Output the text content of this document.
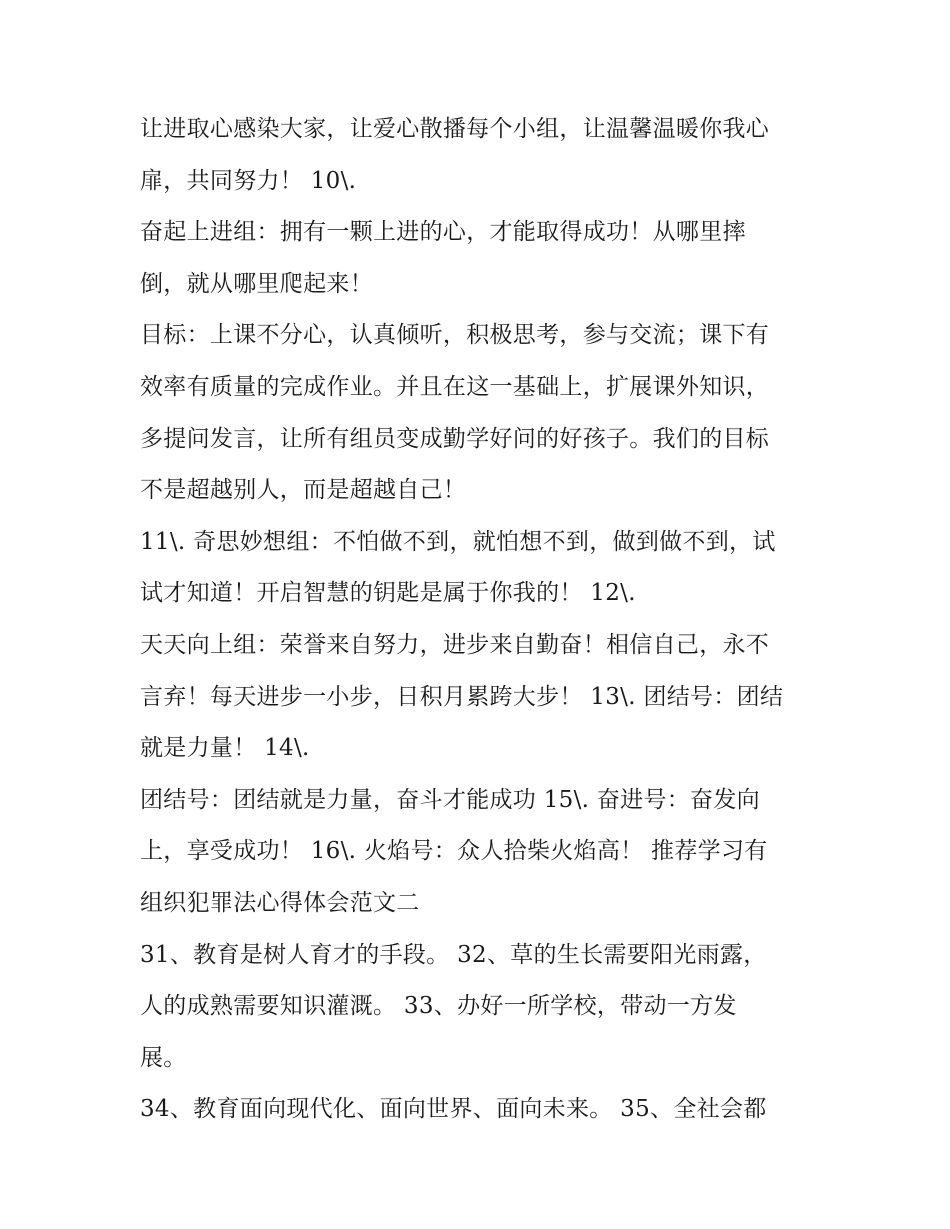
让进取心感染大家，让爱心散播每个小组，让温馨温暖你我心
扉，共同努力！ 10\.
奋起上进组：拥有一颗上进的心，才能取得成功！从哪里摔
倒，就从哪里爬起来！
目标：上课不分心，认真倾听，积极思考，参与交流；课下有
效率有质量的完成作业。并且在这一基础上，扩展课外知识，
多提问发言，让所有组员变成勤学好问的好孩子。我们的目标
不是超越别人，而是超越自己！
11\. 奇思妙想组：不怕做不到，就怕想不到，做到做不到，试
试才知道！开启智慧的钥匙是属于你我的！ 12\.
天天向上组：荣誉来自努力，进步来自勤奋！相信自己，永不
言弃！每天进步一小步，日积月累跨大步！ 13\. 团结号：团结
就是力量！ 14\.
团结号：团结就是力量，奋斗才能成功 15\. 奋进号：奋发向
上，享受成功！ 16\. 火焰号：众人拾柴火焰高！ 推荐学习有
组织犯罪法心得体会范文二
31、教育是树人育才的手段。 32、草的生长需要阳光雨露，
人的成熟需要知识灌溉。 33、办好一所学校，带动一方发
展。
34、教育面向现代化、面向世界、面向未来。 35、全社会都
